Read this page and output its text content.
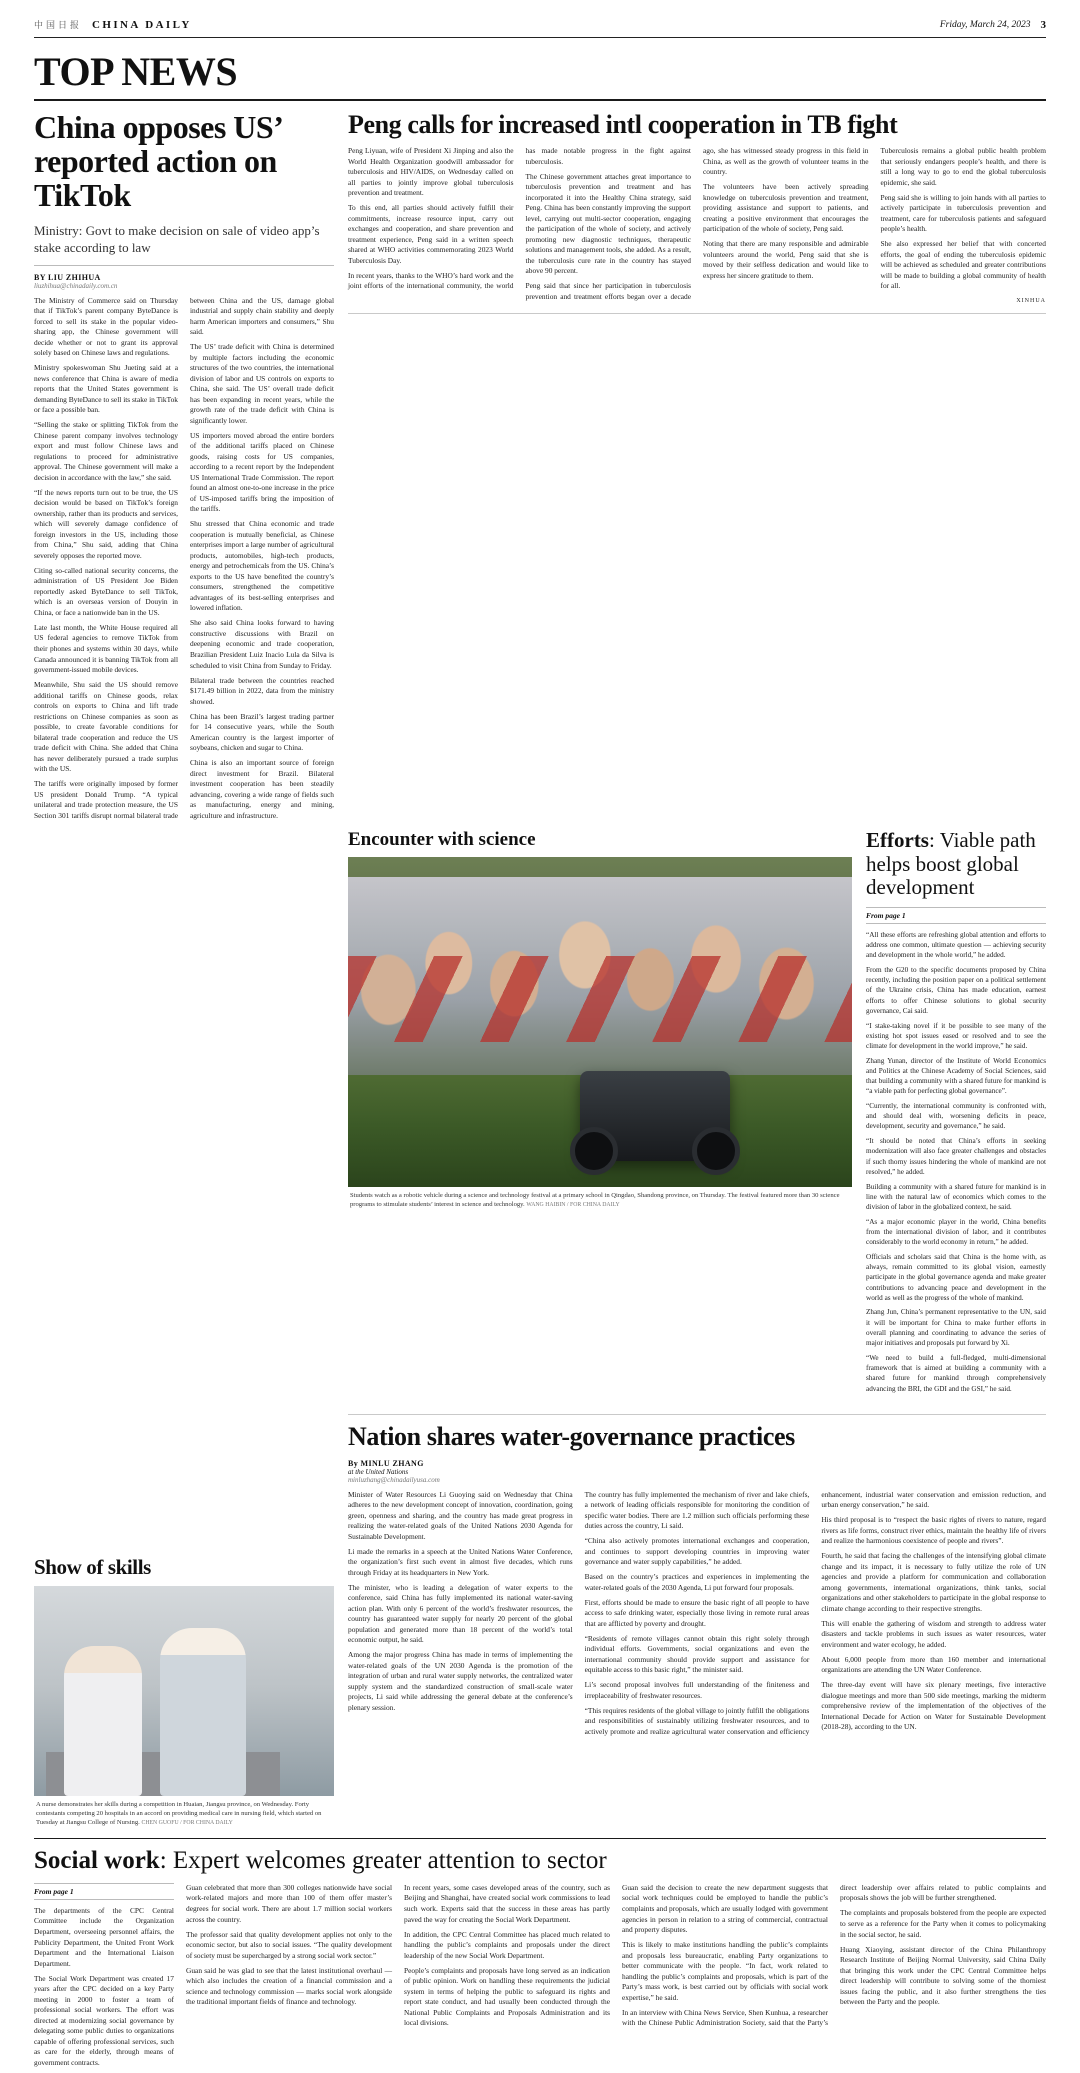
中国日报 CHINA DAILY	Friday, March 24, 2023 3
TOP NEWS
China opposes US’ reported action on TikTok
Ministry: Govt to make decision on sale of video app’s stake according to law
BY LIU ZHIHUA
liuzhihua@chinadaily.com.cn

The Ministry of Commerce said on Thursday that if TikTok’s parent company ByteDance is forced to sell its stake in the popular video-sharing app, the Chinese government will decide whether or not to grant its approval solely based on Chinese laws and regulations.

Ministry spokeswoman Shu Jueting said at a news conference that China is aware of media reports that the United States government is demanding ByteDance to sell its stake in TikTok or face a possible ban.

“Selling the stake or splitting TikTok from the Chinese parent company involves technology export and must follow Chinese laws and regulations to proceed for administrative approval. The Chinese government will make a decision in accordance with the law,” she said.

“If the news reports turn out to be true, the US decision would be based on TikTok’s foreign ownership, rather than its products and services, which will severely damage confidence of foreign investors in the US, including those from China,” Shu said, adding that China severely opposes the reported move.

Citing so-called national security concerns, the administration of US President Joe Biden reportedly asked ByteDance to sell TikTok, which is an overseas version of Douyin in China, or face a nationwide ban in the US.

Late last month, the White House required all US federal agencies to remove TikTok from their phones and systems within 30 days, while Canada announced it is banning TikTok from all government-issued mobile devices.

Meanwhile, Shu said the US should remove additional tariffs on Chinese goods, relax controls on exports to China and lift trade restrictions on Chinese companies as soon as possible, to create favorable conditions for bilateral trade cooperation and reduce the US trade deficit with China. She added that China has never deliberately pursued a trade surplus with the US.

The tariffs were originally imposed by former US president Donald Trump. “A typical unilateral and trade protection measure, the US Section 301 tariffs disrupt normal bilateral trade between China and the US, damage global industrial and supply chain stability and deeply harm American importers and consumers,” Shu said.

The US’ trade deficit with China is determined by multiple factors including the economic structures of the two countries, the international division of labor and US controls on exports to China, she said. The US’ overall trade deficit has been expanding in recent years, while the growth rate of the trade deficit with China is significantly lower.

US importers moved abroad the entire borders of the additional tariffs placed on Chinese goods, raising costs for US companies, according to a recent report by the Independent US International Trade Commission. The report found an almost one-to-one increase in the price of US-imposed tariffs bring the imposition of the tariffs.

Shu stressed that China economic and trade cooperation is mutually beneficial, as Chinese enterprises import a large number of agricultural products, automobiles, high-tech products, energy and petrochemicals from the US. China’s exports to the US have benefited the country’s consumers, strengthened the competitive advantages of its best-selling enterprises and lowered inflation.

She also said China looks forward to having constructive discussions with Brazil on deepening economic and trade cooperation, Brazilian President Luiz Inacio Lula da Silva is scheduled to visit China from Sunday to Friday.

Bilateral trade between the countries reached $171.49 billion in 2022, data from the ministry showed.

China has been Brazil’s largest trading partner for 14 consecutive years, while the South American country is the largest importer of soybeans, chicken and sugar to China.

China is also an important source of foreign direct investment for Brazil. Bilateral investment cooperation has been steadily advancing, covering a wide range of fields such as manufacturing, energy and mining, agriculture and infrastructure.

Peng calls for increased intl cooperation in TB fight

Peng Liyuan, wife of President Xi Jinping and also the World Health Organization goodwill ambassador for tuberculosis and HIV/AIDS, on Wednesday called on all parties to jointly improve global tuberculosis prevention and treatment.

To this end, all parties should actively fulfill their commitments, increase resource input, carry out exchanges and cooperation, and share prevention and treatment experience, Peng said in a written speech shared at WHO activities commemorating 2023 World Tuberculosis Day.

In recent years, thanks to the WHO’s hard work and the joint efforts of the international community, the world has made notable progress in the fight against tuberculosis.

The Chinese government attaches great importance to tuberculosis prevention and treatment and has incorporated it into the Healthy China strategy, said Peng. China has been constantly improving the support level, carrying out multi-sector cooperation, engaging the participation of the whole of society, and actively promoting new diagnostic techniques, therapeutic solutions and management tools, she added. As a result, the tuberculosis cure rate in the country has stayed above 90 percent.

Peng said that since her participation in tuberculosis prevention and treatment efforts began over a decade ago, she has witnessed steady progress in this field in China, as well as the growth of volunteer teams in the country.

The volunteers have been actively spreading knowledge on tuberculosis prevention and treatment, providing assistance and support to patients, and creating a positive environment that encourages the participation of the whole of society, Peng said.

Noting that there are many responsible and admirable volunteers around the world, Peng said that she is moved by their selfless dedication and would like to express her sincere gratitude to them.

Tuberculosis remains a global public health problem that seriously endangers people’s health, and there is still a long way to go to end the global tuberculosis epidemic, she said.

Peng said she is willing to join hands with all parties to actively participate in tuberculosis prevention and treatment, care for tuberculosis patients and safeguard people’s health.

She also expressed her belief that with concerted efforts, the goal of ending the tuberculosis epidemic will be achieved as scheduled and greater contributions will be made to building a global community of health for all.

XINHUA

Encounter with science
Students watch as a robotic vehicle during a science and technology festival at a primary school in Qingdao, Shandong province, on Thursday. The festival featured more than 30 science programs to stimulate students’ interest in science and technology. WANG HAIBIN / FOR CHINA DAILY
Efforts: Viable path helps boost global development
From page 1

“All these efforts are refreshing global attention and efforts to address one common, ultimate question — achieving security and development in the whole world,” he added.

From the G20 to the specific documents proposed by China recently, including the position paper on a political settlement of the Ukraine crisis, China has made education, earnest efforts to offer Chinese solutions to global security governance, Cai said.

“I stake-taking novel if it be possible to see many of the existing hot spot issues eased or resolved and to see the climate for development in the world improve,” he said.

Zhang Yunan, director of the Institute of World Economics and Politics at the Chinese Academy of Social Sciences, said that building a community with a shared future for mankind is “a viable path for perfecting global governance”.

“Currently, the international community is confronted with, and should deal with, worsening deficits in peace, development, security and governance,” he said.

“It should be noted that China’s efforts in seeking modernization will also face greater challenges and obstacles if such thorny issues hindering the whole of mankind are not resolved,” he added.

Building a community with a shared future for mankind is in line with the natural law of economics which comes to the division of labor in the globalized context, he said.

“As a major economic player in the world, China benefits from the international division of labor, and it contributes considerably to the world economy in return,” he added.

Officials and scholars said that China is the home with, as always, remain committed to its global vision, earnestly participate in the global governance agenda and make greater contributions to advancing peace and development in the world as well as the progress of the whole of mankind.

Zhang Jun, China’s permanent representative to the UN, said it will be important for China to make further efforts in overall planning and coordinating to advance the series of major initiatives and proposals put forward by Xi.

“We need to build a full-fledged, multi-dimensional framework that is aimed at building a community with a shared future for mankind through comprehensively advancing the BRI, the GDI and the GSI,” he said.

Show of skills
A nurse demonstrates her skills during a competition in Huaian, Jiangsu province, on Wednesday. Forty contestants competing 20 hospitals in an accord on providing medical care in nursing field, which started on Tuesday at Jiangsu College of Nursing. CHEN GUOFU / FOR CHINA DAILY
Nation shares water-governance practices
By MINLU ZHANG
at the United Nations
minluzhang@chinadailyusa.com

Minister of Water Resources Li Guoying said on Wednesday that China adheres to the new development concept of innovation, coordination, going green, openness and sharing, and the country has made great progress in realizing the water-related goals of the United Nations 2030 Agenda for Sustainable Development.

Li made the remarks in a speech at the United Nations Water Conference, the organization’s first such event in almost five decades, which runs through Friday at its headquarters in New York.

The minister, who is leading a delegation of water experts to the conference, said China has fully implemented its national water-saving action plan. With only 6 percent of the world’s freshwater resources, the country has guaranteed water supply for nearly 20 percent of the global population and generated more than 18 percent of the world’s total economic output, he said.

Among the major progress China has made in terms of implementing the water-related goals of the UN 2030 Agenda is the promotion of the integration of urban and rural water supply networks, the centralized water supply system and the standardized construction of small-scale water projects, Li said while addressing the general debate at the conference’s plenary session.

The country has fully implemented the mechanism of river and lake chiefs, a network of leading officials responsible for monitoring the condition of specific water bodies. There are 1.2 million such officials performing these duties across the country, Li said.

“China also actively promotes international exchanges and cooperation, and continues to support developing countries in improving water governance and water supply capabilities,” he added.

Based on the country’s practices and experiences in implementing the water-related goals of the 2030 Agenda, Li put forward four proposals.

First, efforts should be made to ensure the basic right of all people to have access to safe drinking water, especially those living in remote rural areas that are afflicted by poverty and drought.

“Residents of remote villages cannot obtain this right solely through individual efforts. Governments, social organizations and even the international community should provide support and assistance for equitable access to this basic right,” the minister said.

Li’s second proposal involves full understanding of the finiteness and irreplaceability of freshwater resources.

“This requires residents of the global village to jointly fulfill the obligations and responsibilities of sustainably utilizing freshwater resources, and to actively promote and realize agricultural water conservation and efficiency enhancement, industrial water conservation and emission reduction, and urban energy conservation,” he said.

His third proposal is to “respect the basic rights of rivers to nature, regard rivers as life forms, construct river ethics, maintain the healthy life of rivers and realize the harmonious coexistence of people and rivers”.

Fourth, he said that facing the challenges of the intensifying global climate change and its impact, it is necessary to fully utilize the role of UN agencies and provide a platform for communication and collaboration among governments, international organizations, think tanks, social organizations and other stakeholders to participate in the global response to climate change according to their respective strengths.

This will enable the gathering of wisdom and strength to address water disasters and tackle problems in such issues as water resources, water environment and water ecology, he added.

About 6,000 people from more than 160 member and international organizations are attending the UN Water Conference.

The three-day event will have six plenary meetings, five interactive dialogue meetings and more than 500 side meetings, marking the midterm comprehensive review of the implementation of the objectives of the International Decade for Action on Water for Sustainable Development (2018-28), according to the UN.

Social work: Expert welcomes greater attention to sector
From page 1

The departments of the CPC Central Committee include the Organization Department, overseeing personnel affairs, the Publicity Department, the United Front Work Department and the International Liaison Department.

The Social Work Department was created 17 years after the CPC decided on a key Party meeting in 2000 to foster a team of professional social workers. The effort was directed at modernizing social governance by delegating some public duties to organizations capable of offering professional services, such as care for the elderly, through means of government contracts.

Guan celebrated that more than 300 colleges nationwide have social work-related majors and more than 100 of them offer master’s degrees for social work. There are about 1.7 million social workers across the country.

The professor said that quality development applies not only to the economic sector, but also to social issues. “The quality development of society must be supercharged by a strong social work sector.”

Guan said he was glad to see that the latest institutional overhaul — which also includes the creation of a financial commission and a science and technology commission — marks social work alongside the traditional important fields of finance and technology.

In recent years, some cases developed areas of the country, such as Beijing and Shanghai, have created social work commissions to lead such work. Experts said that the success in these areas has partly paved the way for creating the Social Work Department.

In addition, the CPC Central Committee has placed much related to handling the public’s complaints and proposals under the direct leadership of the new Social Work Department.

People’s complaints and proposals have long served as an indication of public opinion. Work on handling these requirements the judicial system in terms of helping the public to safeguard its rights and report state conduct, and had usually been conducted through the National Public Complaints and Proposals Administration and its local divisions.

Guan said the decision to create the new department suggests that social work techniques could be employed to handle the public’s complaints and proposals, which are usually lodged with government agencies in person in relation to a string of commercial, contractual and property disputes.

This is likely to make institutions handling the public’s complaints and proposals less bureaucratic, enabling Party organizations to better communicate with the people. “In fact, work related to handling the public’s complaints and proposals, which is part of the Party’s mass work, is best carried out by officials with social work expertise,” he said.

In an interview with China News Service, Shen Kunhua, a researcher with the Chinese Public Administration Society, said that the Party’s direct leadership over affairs related to public complaints and proposals shows the job will be further strengthened.

The complaints and proposals bolstered from the people are expected to serve as a reference for the Party when it comes to policymaking in the social sector, he said.

Huang Xiaoying, assistant director of the China Philanthropy Research Institute of Beijing Normal University, said China Daily that bringing this work under the CPC Central Committee helps direct leadership will contribute to solving some of the thorniest issues facing the public, and it also further strengthens the ties between the Party and the people.
